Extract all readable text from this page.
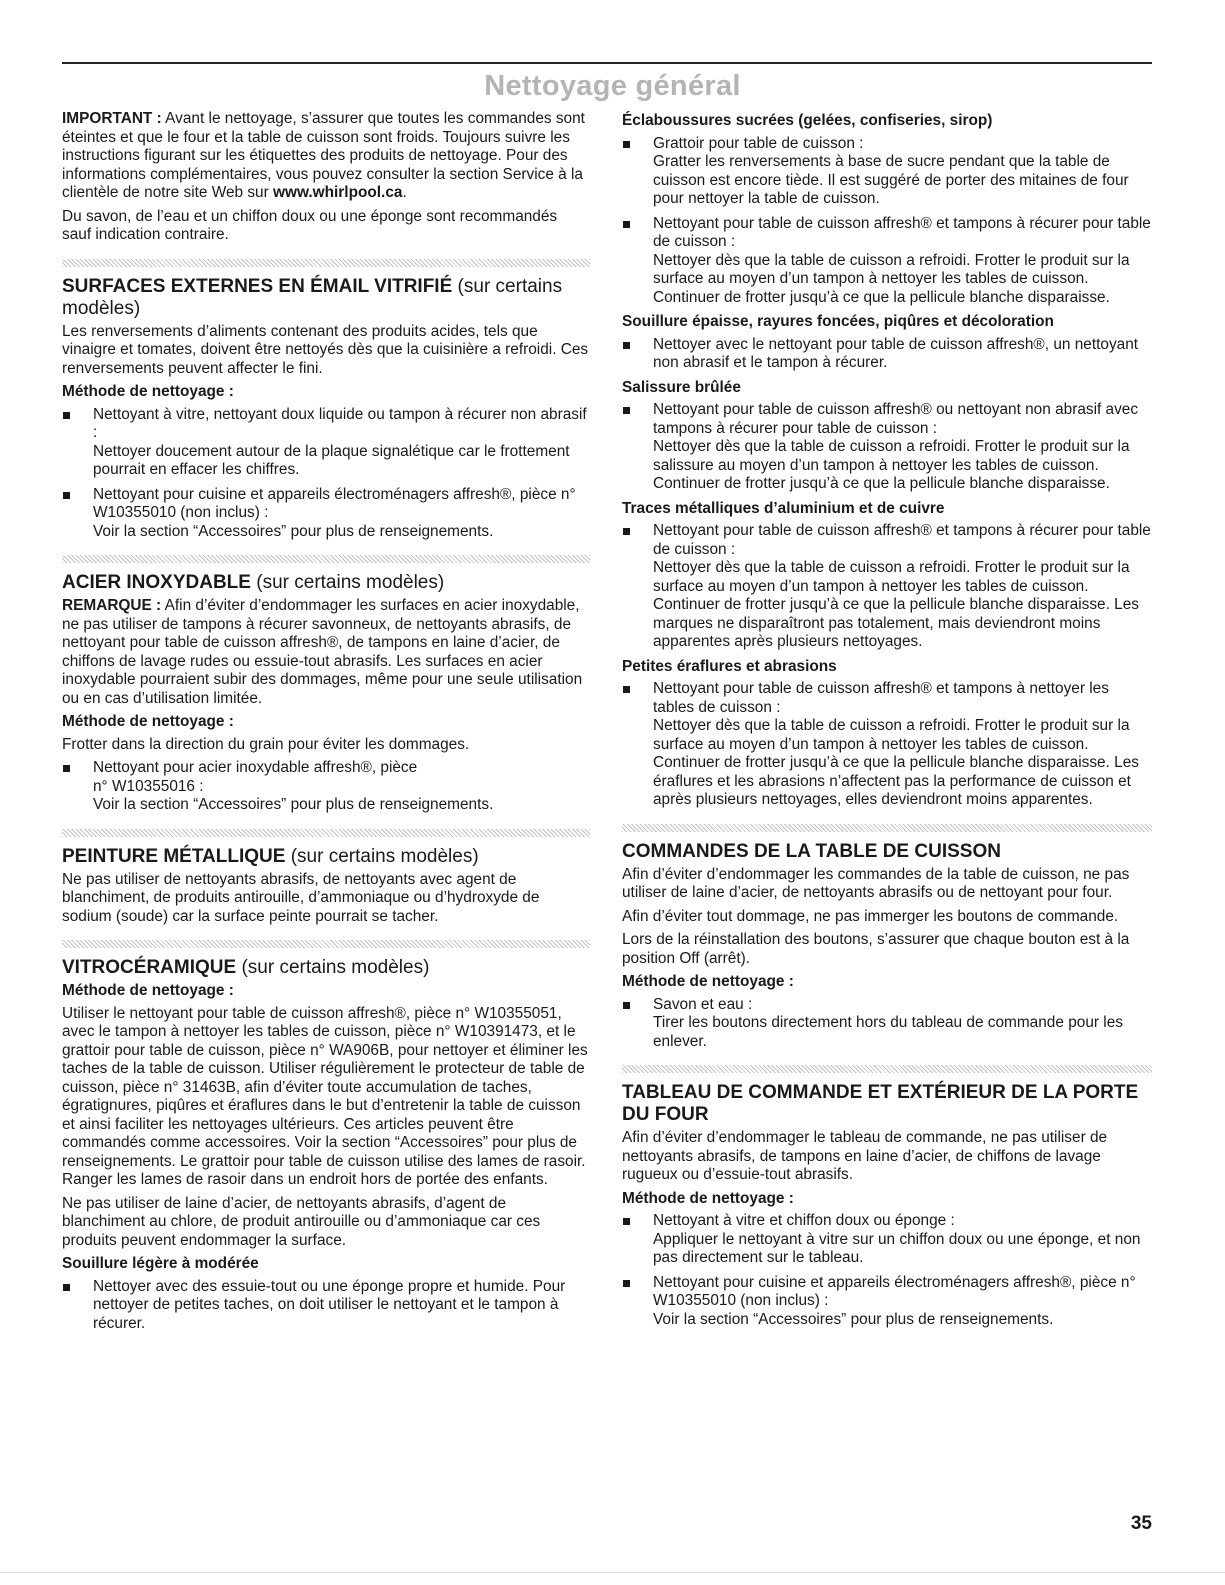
Nettoyage général

IMPORTANT : Avant le nettoyage, s’assurer que toutes les commandes sont éteintes et que le four et la table de cuisson sont froids. Toujours suivre les instructions figurant sur les étiquettes des produits de nettoyage. Pour des informations complémentaires, vous pouvez consulter la section Service à la clientèle de notre site Web sur www.whirlpool.ca.

Du savon, de l’eau et un chiffon doux ou une éponge sont recommandés sauf indication contraire.

SURFACES EXTERNES EN ÉMAIL VITRIFIÉ (sur certains modèles)

Les renversements d’aliments contenant des produits acides, tels que vinaigre et tomates, doivent être nettoyés dès que la cuisinière a refroidi. Ces renversements peuvent affecter le fini.

Méthode de nettoyage :
Nettoyant à vitre, nettoyant doux liquide ou tampon à récurer non abrasif :
Nettoyer doucement autour de la plaque signalétique car le frottement pourrait en effacer les chiffres.
Nettoyant pour cuisine et appareils électroménagers affresh®, pièce n° W10355010 (non inclus) :
Voir la section “Accessoires” pour plus de renseignements.
ACIER INOXYDABLE (sur certains modèles)

REMARQUE : Afin d’éviter d’endommager les surfaces en acier inoxydable, ne pas utiliser de tampons à récurer savonneux, de nettoyants abrasifs, de nettoyant pour table de cuisson affresh®, de tampons en laine d’acier, de chiffons de lavage rudes ou essuie-tout abrasifs. Les surfaces en acier inoxydable pourraient subir des dommages, même pour une seule utilisation ou en cas d’utilisation limitée.

Méthode de nettoyage :

Frotter dans la direction du grain pour éviter les dommages.

Nettoyant pour acier inoxydable affresh®, pièce
n° W10355016 :
Voir la section “Accessoires” pour plus de renseignements.
PEINTURE MÉTALLIQUE (sur certains modèles)

Ne pas utiliser de nettoyants abrasifs, de nettoyants avec agent de blanchiment, de produits antirouille, d’ammoniaque ou d’hydroxyde de sodium (soude) car la surface peinte pourrait se tacher.

VITROCÉRAMIQUE (sur certains modèles)
Méthode de nettoyage :

Utiliser le nettoyant pour table de cuisson affresh®, pièce n° W10355051, avec le tampon à nettoyer les tables de cuisson, pièce n° W10391473, et le grattoir pour table de cuisson, pièce n° WA906B, pour nettoyer et éliminer les taches de la table de cuisson. Utiliser régulièrement le protecteur de table de cuisson, pièce n° 31463B, afin d’éviter toute accumulation de taches, égratignures, piqûres et éraflures dans le but d’entretenir la table de cuisson et ainsi faciliter les nettoyages ultérieurs. Ces articles peuvent être commandés comme accessoires. Voir la section “Accessoires” pour plus de renseignements. Le grattoir pour table de cuisson utilise des lames de rasoir. Ranger les lames de rasoir dans un endroit hors de portée des enfants.

Ne pas utiliser de laine d’acier, de nettoyants abrasifs, d’agent de blanchiment au chlore, de produit antirouille ou d’ammoniaque car ces produits peuvent endommager la surface.

Souillure légère à modérée
Nettoyer avec des essuie-tout ou une éponge propre et humide. Pour nettoyer de petites taches, on doit utiliser le nettoyant et le tampon à récurer.
Éclaboussures sucrées (gelées, confiseries, sirop)
Grattoir pour table de cuisson :
Gratter les renversements à base de sucre pendant que la table de cuisson est encore tiède. Il est suggéré de porter des mitaines de four pour nettoyer la table de cuisson.
Nettoyant pour table de cuisson affresh® et tampons à récurer pour table de cuisson :
Nettoyer dès que la table de cuisson a refroidi. Frotter le produit sur la surface au moyen d’un tampon à nettoyer les tables de cuisson. Continuer de frotter jusqu’à ce que la pellicule blanche disparaisse.
Souillure épaisse, rayures foncées, piqûres et décoloration
Nettoyer avec le nettoyant pour table de cuisson affresh®, un nettoyant non abrasif et le tampon à récurer.
Salissure brûlée
Nettoyant pour table de cuisson affresh® ou nettoyant non abrasif avec tampons à récurer pour table de cuisson :
Nettoyer dès que la table de cuisson a refroidi. Frotter le produit sur la salissure au moyen d’un tampon à nettoyer les tables de cuisson. Continuer de frotter jusqu’à ce que la pellicule blanche disparaisse.
Traces métalliques d’aluminium et de cuivre
Nettoyant pour table de cuisson affresh® et tampons à récurer pour table de cuisson :
Nettoyer dès que la table de cuisson a refroidi. Frotter le produit sur la surface au moyen d’un tampon à nettoyer les tables de cuisson. Continuer de frotter jusqu’à ce que la pellicule blanche disparaisse. Les marques ne disparaîtront pas totalement, mais deviendront moins apparentes après plusieurs nettoyages.
Petites éraflures et abrasions
Nettoyant pour table de cuisson affresh® et tampons à nettoyer les tables de cuisson :
Nettoyer dès que la table de cuisson a refroidi. Frotter le produit sur la surface au moyen d’un tampon à nettoyer les tables de cuisson. Continuer de frotter jusqu’à ce que la pellicule blanche disparaisse. Les éraflures et les abrasions n’affectent pas la performance de cuisson et après plusieurs nettoyages, elles deviendront moins apparentes.
COMMANDES DE LA TABLE DE CUISSON

Afin d’éviter d’endommager les commandes de la table de cuisson, ne pas utiliser de laine d’acier, de nettoyants abrasifs ou de nettoyant pour four.

Afin d’éviter tout dommage, ne pas immerger les boutons de commande.

Lors de la réinstallation des boutons, s’assurer que chaque bouton est à la position Off (arrêt).

Méthode de nettoyage :
Savon et eau :
Tirer les boutons directement hors du tableau de commande pour les enlever.
TABLEAU DE COMMANDE ET EXTÉRIEUR DE LA PORTE DU FOUR

Afin d’éviter d’endommager le tableau de commande, ne pas utiliser de nettoyants abrasifs, de tampons en laine d’acier, de chiffons de lavage rugueux ou d’essuie-tout abrasifs.

Méthode de nettoyage :
Nettoyant à vitre et chiffon doux ou éponge :
Appliquer le nettoyant à vitre sur un chiffon doux ou une éponge, et non pas directement sur le tableau.
Nettoyant pour cuisine et appareils électroménagers affresh®, pièce n° W10355010 (non inclus) :
Voir la section “Accessoires” pour plus de renseignements.
35
